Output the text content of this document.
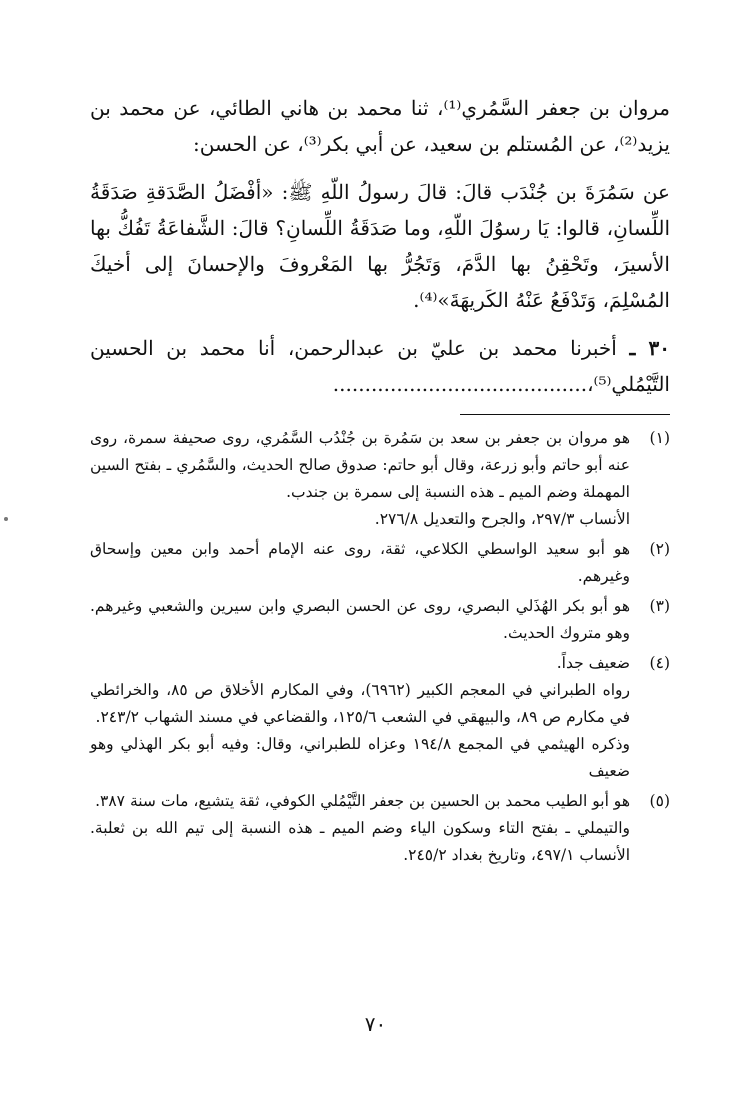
مروان بن جعفر السَّمُري⁽¹⁾، ثنا محمد بن هاني الطائي، عن محمد بن يزيد⁽²⁾، عن المُستلم بن سعيد، عن أبي بكر⁽³⁾، عن الحسن:

عن سَمُرَةَ بن جُنْدَب قالَ: قالَ رسولُ اللّهِ ﷺ: «أفْضَلُ الصَّدَقةِ صَدَقَةُ اللِّسانِ، قالوا: يَا رسوُلَ اللّهِ، وما صَدَقَةُ اللِّسانِ؟ قالَ: الشَّفاعَةُ تَفُكُّ بها الأسيرَ، وتَحْقِنُ بها الدَّمَ، وَتَجُرُّ بها المَعْروفَ والإحسانَ إلى أخيكَ المُسْلِمَ، وَتَدْفَعُ عَنْهُ الكَريهَةَ»⁽⁴⁾.

٣٠ ـ أخبرنا محمد بن عليّ بن عبدالرحمن، أنا محمد بن الحسين التَّيْمُلي⁽⁵⁾،........................................

(١)
هو مروان بن جعفر بن سعد بن سَمُرة بن جُنْدُب السَّمُري، روى صحيفة سمرة، روى عنه أبو حاتم وأبو زرعة، وقال أبو حاتم: صدوق صالح الحديث، والسَّمُري ـ بفتح السين المهملة وضم الميم ـ هذه النسبة إلى سمرة بن جندب.
الأنساب ٢٩٧/٣، والجرح والتعديل ٢٧٦/٨.
(٢)
هو أبو سعيد الواسطي الكلاعي، ثقة، روى عنه الإمام أحمد وابن معين وإسحاق وغيرهم.
(٣)
هو أبو بكر الهُذَلي البصري، روى عن الحسن البصري وابن سيرين والشعبي وغيرهم. وهو متروك الحديث.
(٤)
ضعيف جداً.
رواه الطبراني في المعجم الكبير (٦٩٦٢)، وفي المكارم الأخلاق ص ٨٥، والخرائطي في مكارم ص ٨٩، والبيهقي في الشعب ١٢٥/٦، والقضاعي في مسند الشهاب ٢٤٣/٢.
وذكره الهيثمي في المجمع ١٩٤/٨ وعزاه للطبراني، وقال: وفيه أبو بكر الهذلي وهو ضعيف
(٥)
هو أبو الطيب محمد بن الحسين بن جعفر التَّيْمُلي الكوفي، ثقة يتشيع، مات سنة ٣٨٧.
والتيملي ـ بفتح التاء وسكون الياء وضم الميم ـ هذه النسبة إلى تيم الله بن ثعلبة. الأنساب ٤٩٧/١، وتاريخ بغداد ٢٤٥/٢.
٧٠
